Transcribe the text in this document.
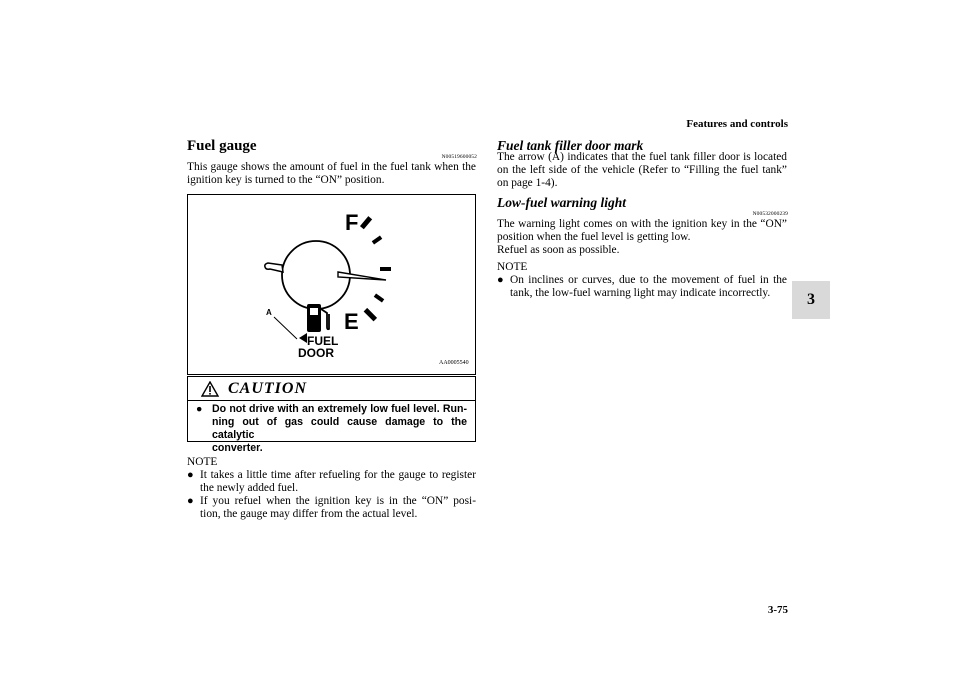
Features and controls
3-75
3
Fuel gauge
N00519600052
This gauge shows the amount of fuel in the fuel tank when the
ignition key is turned to the “ON” position.
A
F
E
FUEL
DOOR
AA0005540
CAUTION
● Do not drive with an extremely low fuel level. Run-
ning out of gas could cause damage to the catalytic
converter.
NOTE
● It takes a little time after refueling for the gauge to register
the newly added fuel.
● If you refuel when the ignition key is in the “ON” posi-
tion, the gauge may differ from the actual level.
Fuel tank filler door mark
The arrow (A) indicates that the fuel tank filler door is located
on the left side of the vehicle (Refer to “Filling the fuel tank”
on page 1-4).
Low-fuel warning light
N00532000239
The warning light comes on with the ignition key in the “ON”
position when the fuel level is getting low.
Refuel as soon as possible.
NOTE
● On inclines or curves, due to the movement of fuel in the
tank, the low-fuel warning light may indicate incorrectly.
